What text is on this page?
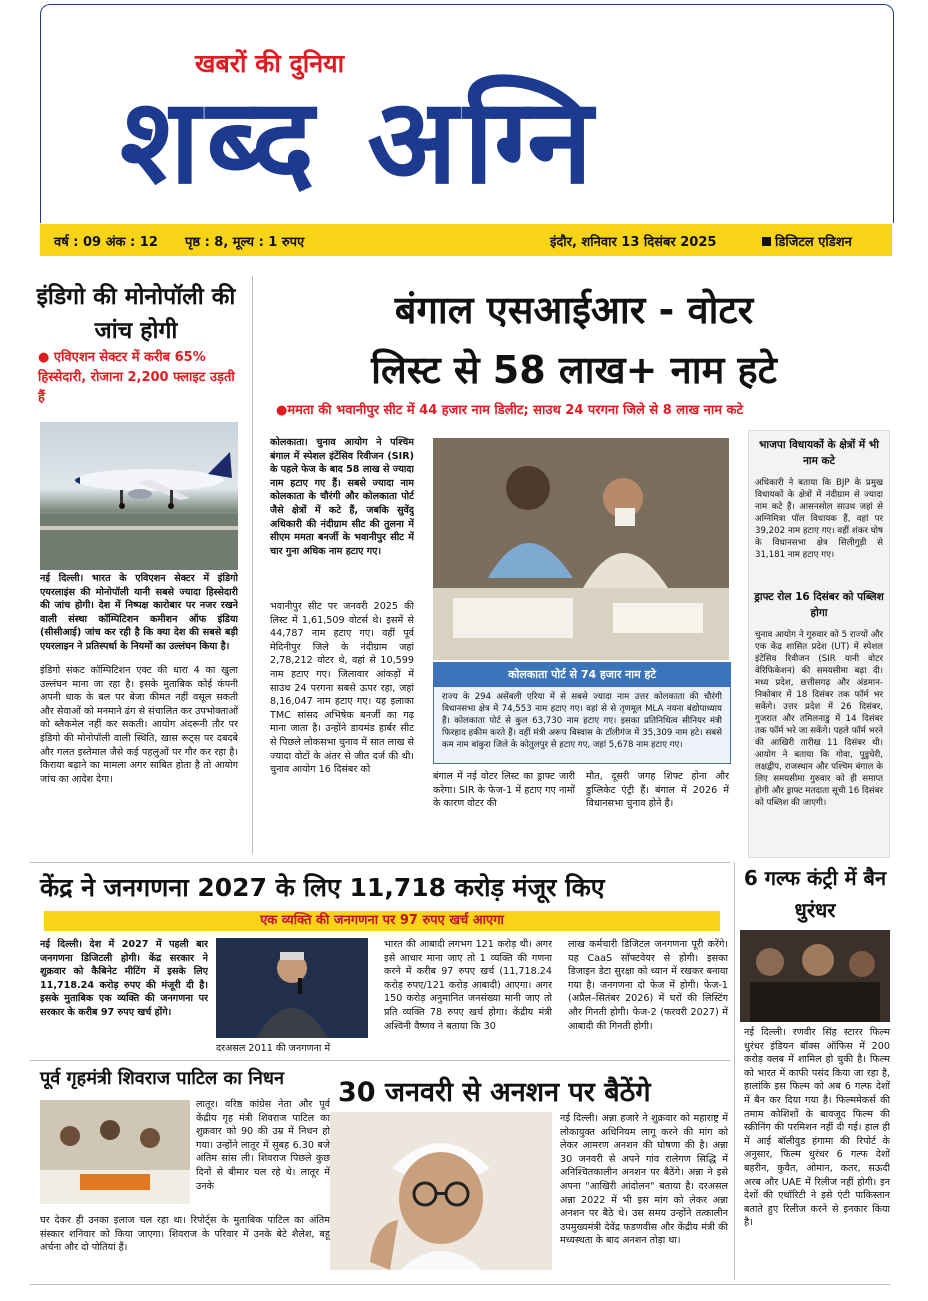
खबरों की दुनिया
शब्द अग्नि
वर्ष : 09 अंक : 12 पृष्ठ : 8, मूल्य : 1 रुपए	इंदौर, शनिवार 13 दिसंबर 2025	डिजिटल एडिशन
इंडिगो की मोनोपॉली की जांच होगी
● एविएशन सेक्टर में करीब 65% हिस्सेदारी, रोजाना 2,200 फ्लाइट उड़ती हैं
नई दिल्ली। भारत के एविएशन सेक्टर में इंडिगो एयरलाइंस की मोनोपॉली यानी सबसे ज्यादा हिस्सेदारी की जांच होगी। देश में निष्पक्ष कारोबार पर नजर रखने वाली संस्था कॉम्पिटिशन कमीशन ऑफ इंडिया (सीसीआई) जांच कर रही है कि क्या देश की सबसे बड़ी एयरलाइन ने प्रतिस्पर्धा के नियमों का उल्लंघन किया है।
इंडिगो संकट कॉम्पिटिशन एक्ट की धारा 4 का खुला उल्लंघन माना जा रहा है। इसके मुताबिक कोई कंपनी अपनी धाक के बल पर बेजा कीमत नहीं वसूल सकती और सेवाओं को मनमाने ढंग से संचालित कर उपभोक्ताओं को ब्लैकमेल नहीं कर सकती। आयोग अंदरूनी तौर पर इंडिगो की मोनोपॉली वाली स्थिति, खास रूट्स पर दबदबे और गलत इस्तेमाल जैसे कई पहलुओं पर गौर कर रहा है। किराया बढ़ाने का मामला अगर साबित होता है तो आयोग जांच का आदेश देगा।
बंगाल एसआईआर - वोटर
लिस्ट से 58 लाख+ नाम हटे
●ममता की भवानीपुर सीट में 44 हजार नाम डिलीट; साउथ 24 परगना जिले से 8 लाख नाम कटे
कोलकाता। चुनाव आयोग ने पश्चिम बंगाल में स्पेशल इंटेंसिव रिवीजन (SIR) के पहले फेज के बाद 58 लाख से ज्यादा नाम हटाए गए हैं। सबसे ज्यादा नाम कोलकाता के चौरंगी और कोलकाता पोर्ट जैसे क्षेत्रों में कटे हैं, जबकि सुवेंदु अधिकारी की नंदीग्राम सीट की तुलना में सीएम ममता बनर्जी के भवानीपुर सीट में चार गुना अधिक नाम हटाए गए।
भवानीपुर सीट पर जनवरी 2025 की लिस्ट में 1,61,509 वोटर्स थे। इसमें से 44,787 नाम हटाए गए। वहीं पूर्व मेदिनीपुर जिले के नंदीग्राम जहां 2,78,212 वोटर थे, वहां से 10,599 नाम हटाए गए। जिलावार आंकड़ों में साउथ 24 परगना सबसे ऊपर रहा, जहां 8,16,047 नाम हटाए गए। यह इलाका TMC सांसद अभिषेक बनर्जी का गढ़ माना जाता है। उन्होंने डायमंड हार्बर सीट से पिछले लोकसभा चुनाव में सात लाख से ज्यादा वोटों के अंतर से जीत दर्ज की थी। चुनाव आयोग 16 दिसंबर को
कोलकाता पोर्ट से 74 हजार नाम हटे
राज्य के 294 असेंबली एरिया में से सबसे ज्यादा नाम उत्तर कोलकाता की चौरंगी विधानसभा क्षेत्र में 74,553 नाम हटाए गए। वहां से से तृणमूल MLA नयना बंद्योपाध्याय हैं। कोलकाता पोर्ट से कुल 63,730 नाम हटाए गए। इसका प्रतिनिधित्व सीनियर मंत्री फिरहाद हकीम करते हैं। वहीं मंत्री अरूप बिस्वास के टॉलीगंज में 35,309 नाम हटे। सबसे कम नाम बांकुरा जिले के कोतुलपुर से हटाए गए, जहां 5,678 नाम हटाए गए।
बंगाल में नई वोटर लिस्ट का ड्राफ्ट जारी करेगा। SIR के फेज-1 में हटाए गए नामों के कारण वोटर की
मौत, दूसरी जगह शिफ्ट होना और डुप्लिकेट एंट्री हैं। बंगाल में 2026 में विधानसभा चुनाव होने हैं।
भाजपा विधायकों के क्षेत्रों में भी नाम कटे
अधिकारी ने बताया कि BJP के प्रमुख विधायकों के क्षेत्रों में नंदीग्राम से ज्यादा नाम कटे हैं। आसनसोल साउथ जहां से अग्निमित्रा पॉल विधायक हैं, वहां पर 39,202 नाम हटाए गए। वहीं शंकर घोष के विधानसभा क्षेत्र सिलीगुड़ी से 31,181 नाम हटाए गए।
ड्राफ्ट रोल 16 दिसंबर को पब्लिश होगा
चुनाव आयोग ने गुरुवार को 5 राज्यों और एक केंद्र शासित प्रदेश (UT) में स्पेशल इंटेंसिव रिवीजन (SIR यानी वोटर वेरिफिकेशन) की समयसीमा बढ़ा दी। मध्य प्रदेश, छत्तीसगढ़ और अंडमान-निकोबार में 18 दिसंबर तक फॉर्म भर सकेंगे। उत्तर प्रदेश में 26 दिसंबर, गुजरात और तमिलनाडु में 14 दिसंबर तक फॉर्म भरे जा सकेंगे। पहले फॉर्म भरने की आखिरी तारीख 11 दिसंबर थी। आयोग ने बताया कि गोवा, पुडुचेरी, लक्षद्वीप, राजस्थान और पश्चिम बंगाल के लिए समयसीमा गुरुवार को ही समाप्त होगी और ड्राफ्ट मतदाता सूची 16 दिसंबर को पब्लिश की जाएगी।
केंद्र ने जनगणना 2027 के लिए 11,718 करोड़ मंजूर किए
एक व्यक्ति की जनगणना पर 97 रुपए खर्च आएगा
नई दिल्ली। देश में 2027 में पहली बार जनगणना डिजिटली होगी। केंद्र सरकार ने शुक्रवार को कैबिनेट मीटिंग में इसके लिए 11,718.24 करोड़ रुपए की मंजूरी दी है। इसके मुताबिक एक व्यक्ति की जनगणना पर सरकार के करीब 97 रुपए खर्च होंगे।
दरअसल 2011 की जनगणना में
भारत की आबादी लगभग 121 करोड़ थी। अगर इसे आधार माना जाए तो 1 व्यक्ति की गणना करने में करीब 97 रुपए खर्च (11,718.24 करोड़ रुपए/121 करोड़ आबादी) आएगा। अगर 150 करोड़ अनुमानित जनसंख्या मानी जाए तो प्रति व्यक्ति 78 रुपए खर्च होगा। केंद्रीय मंत्री अश्विनी वैष्णव ने बताया कि 30
लाख कर्मचारी डिजिटल जनगणना पूरी करेंगे। यह CaaS सॉफ्टवेयर से होगी। इसका डिजाइन डेटा सुरक्षा को ध्यान में रखकर बनाया गया है। जनगणना दो फेज में होगी। फेज-1 (अप्रैल–सितंबर 2026) में घरों की लिस्टिंग और गिनती होगी। फेज-2 (फरवरी 2027) में आबादी की गिनती होगी।
6 गल्फ कंट्री में बैन धुरंधर
नई दिल्ली। रणवीर सिंह स्टारर फिल्म धुरंधर इंडियन बॉक्स ऑफिस में 200 करोड़ क्लब में शामिल हो चुकी है। फिल्म को भारत में काफी पसंद किया जा रहा है, हालांकि इस फिल्म को अब 6 गल्फ देशों में बैन कर दिया गया है। फिल्ममेकर्स की तमाम कोशिशों के बावजूद फिल्म की स्क्रीनिंग की परमिशन नहीं दी गई। हाल ही में आई बॉलीवुड हंगामा की रिपोर्ट के अनुसार, फिल्म धुरंधर 6 गल्फ देशों बहरीन, कुवैत, ओमान, कतर, सऊदी अरब और UAE में रिलीज नहीं होगी। इन देशों की एथॉरिटी ने इसे एंटी पाकिस्तान बताते हुए रिलीज करने से इनकार किया है।
पूर्व गृहमंत्री शिवराज पाटिल का निधन
लातूर। वरिष्ठ कांग्रेस नेता और पूर्व केंद्रीय गृह मंत्री शिवराज पाटिल का शुक्रवार को 90 की उम्र में निधन हो गया। उन्होंने लातूर में सुबह 6.30 बजे अंतिम सांस ली। शिवराज पिछले कुछ दिनों से बीमार चल रहे थे। लातूर में उनके
घर देकर ही उनका इलाज चल रहा था। रिपोर्ट्स के मुताबिक पाटिल का अंतिम संस्कार शनिवार को किया जाएगा। शिवराज के परिवार में उनके बेटे शैलेश, बहू अर्चना और दो पोतियां हैं।
30 जनवरी से अनशन पर बैठेंगे
नई दिल्ली। अन्ना हजारे ने शुक्रवार को महाराष्ट्र में लोकायुक्त अधिनियम लागू करने की मांग को लेकर आमरण अनशन की घोषणा की है। अन्ना 30 जनवरी से अपने गांव रालेगण सिद्धि में अनिश्चितकालीन अनशन पर बैठेंगे। अन्ना ने इसे अपना "आखिरी आंदोलन" बताया है। दरअसल अन्ना 2022 में भी इस मांग को लेकर अन्ना अनशन पर बैठे थे। उस समय उन्होंने तत्कालीन उपमुख्यमंत्री देवेंद्र फडणवीस और केंद्रीय मंत्री की मध्यस्थता के बाद अनशन तोड़ा था।
